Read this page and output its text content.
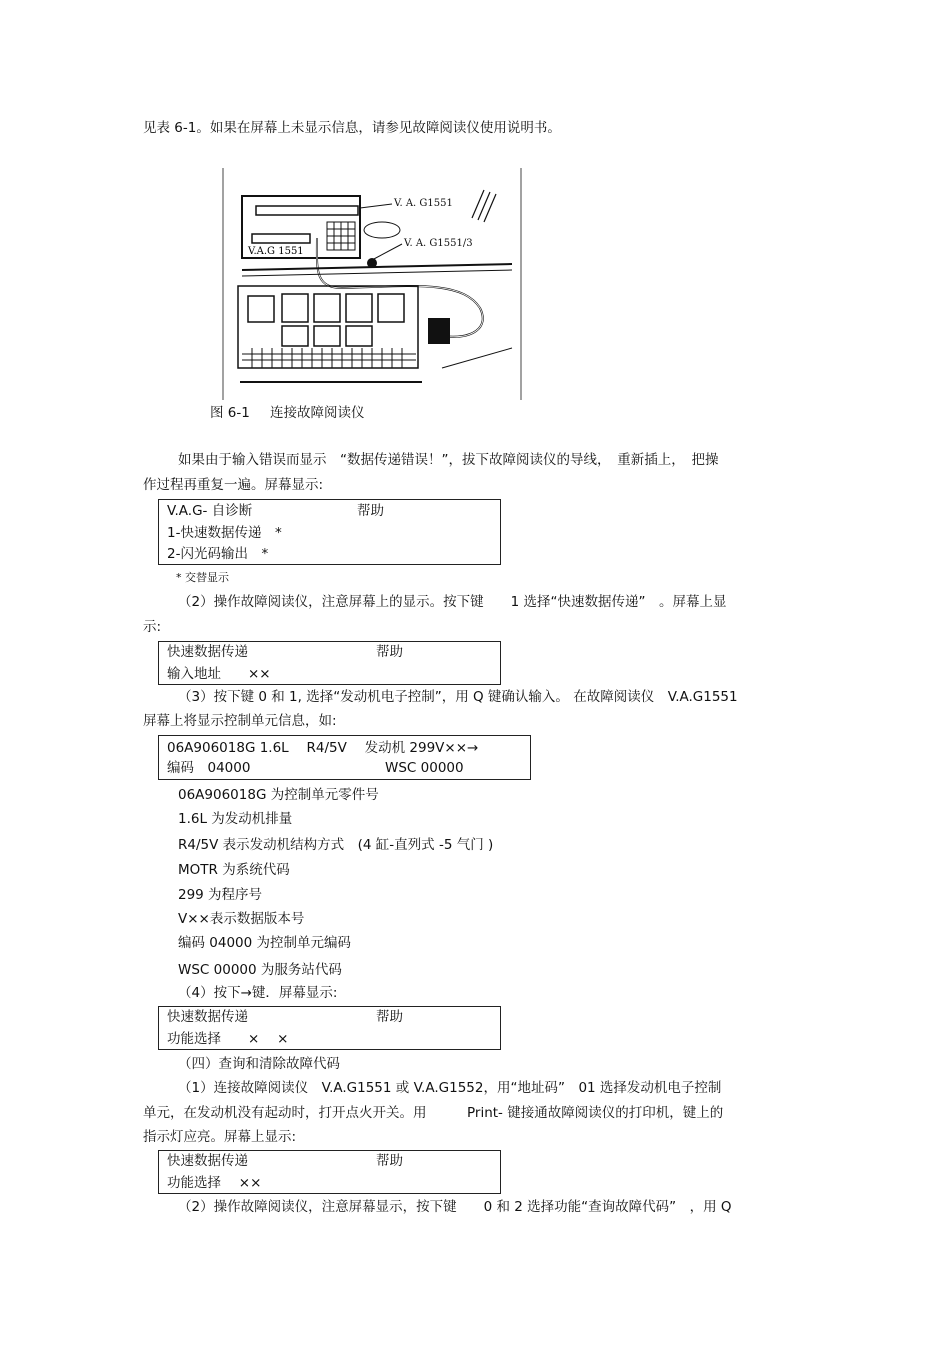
见表 6-1。如果在屏幕上未显示信息，请参见故障阅读仪使用说明书。
V.A.G 1551
V. A. G1551
V. A. G1551/3
图 6-1 连接故障阅读仪
如果由于输入错误而显示　“数据传递错误！”，拔下故障阅读仪的导线，　重新插上，　把操
作过程再重复一遍。屏幕显示:
V.A.G- 自诊断	帮助
1-快速数据传递　*
2-闪光码输出　*
* 交替显示
（2）操作故障阅读仪，注意屏幕上的显示。按下键　　1 选择“快速数据传递”　。屏幕上显
示:
快速数据传递	帮助
输入地址　　××
（3）按下键 0 和 1, 选择“发动机电子控制”，用 Q 键确认输入。 在故障阅读仪　V.A.G1551
屏幕上将显示控制单元信息，如:
06A906018G 1.6L　 R4/5V　 发动机 299V××→
编码　04000	WSC 00000
06A906018G 为控制单元零件号
1.6L 为发动机排量
R4/5V 表示发动机结构方式　(4 缸-直列式 -5 气门 )
MOTR 为系统代码
299 为程序号
V××表示数据版本号
编码 04000 为控制单元编码
WSC 00000 为服务站代码
（4）按下→键．屏幕显示:
快速数据传递	帮助
功能选择　　×　 ×
（四）查询和清除故障代码
（1）连接故障阅读仪　V.A.G1551 或 V.A.G1552，用“地址码”　01 选择发动机电子控制
单元，在发动机没有起动时，打开点火开关。用　　　Print- 键接通故障阅读仪的打印机，键上的
指示灯应亮。屏幕上显示:
快速数据传递	帮助
功能选择　 ××
（2）操作故障阅读仪，注意屏幕显示，按下键　　0 和 2 选择功能“查询故障代码”　，用 Q
